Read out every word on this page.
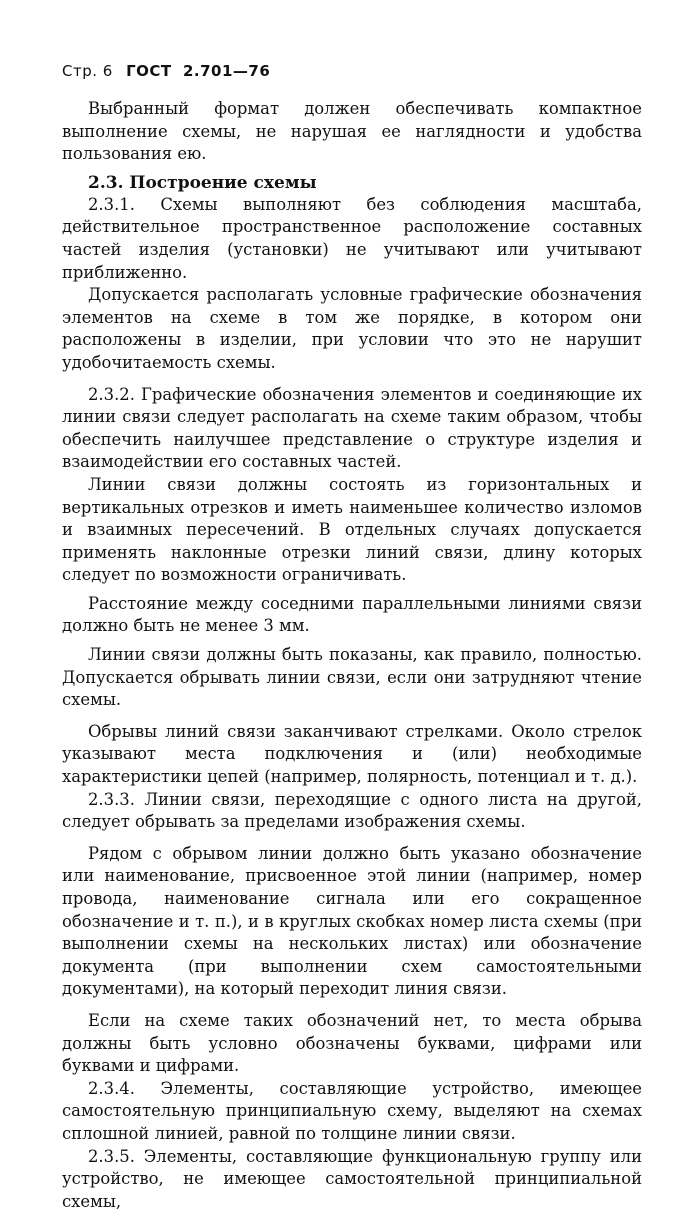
Стр. 6 ГОСТ 2.701—76

Выбранный формат должен обеспечивать компактное выполнение схемы, не нарушая ее наглядности и удобства пользования ею.

2.3. Построение схемы

2.3.1. Схемы выполняют без соблюдения масштаба, действительное пространственное расположение составных частей изделия (установки) не учитывают или учитывают приближенно.

Допускается располагать условные графические обозначения элементов на схеме в том же порядке, в котором они расположены в изделии, при условии что это не нарушит удобочитаемость схемы.

2.3.2. Графические обозначения элементов и соединяющие их линии связи следует располагать на схеме таким образом, чтобы обеспечить наилучшее представление о структуре изделия и взаимодействии его составных частей.

Линии связи должны состоять из горизонтальных и вертикальных отрезков и иметь наименьшее количество изломов и взаимных пересечений. В отдельных случаях допускается применять наклонные отрезки линий связи, длину которых следует по возможности ограничивать.

Расстояние между соседними параллельными линиями связи должно быть не менее 3 мм.

Линии связи должны быть показаны, как правило, полностью. Допускается обрывать линии связи, если они затрудняют чтение схемы.

Обрывы линий связи заканчивают стрелками. Около стрелок указывают места подключения и (или) необходимые характеристики цепей (например, полярность, потенциал и т. д.).

2.3.3. Линии связи, переходящие с одного листа на другой, следует обрывать за пределами изображения схемы.

Рядом с обрывом линии должно быть указано обозначение или наименование, присвоенное этой линии (например, номер провода, наименование сигнала или его сокращенное обозначение и т. п.), и в круглых скобках номер листа схемы (при выполнении схемы на нескольких листах) или обозначение документа (при выполнении схем самостоятельными документами), на который переходит линия связи.

Если на схеме таких обозначений нет, то места обрыва должны быть условно обозначены буквами, цифрами или буквами и цифрами.

2.3.4. Элементы, составляющие устройство, имеющее самостоятельную принципиальную схему, выделяют на схемах сплошной линией, равной по толщине линии связи.

2.3.5. Элементы, составляющие функциональную группу или устройство, не имеющее самостоятельной принципиальной схемы,
